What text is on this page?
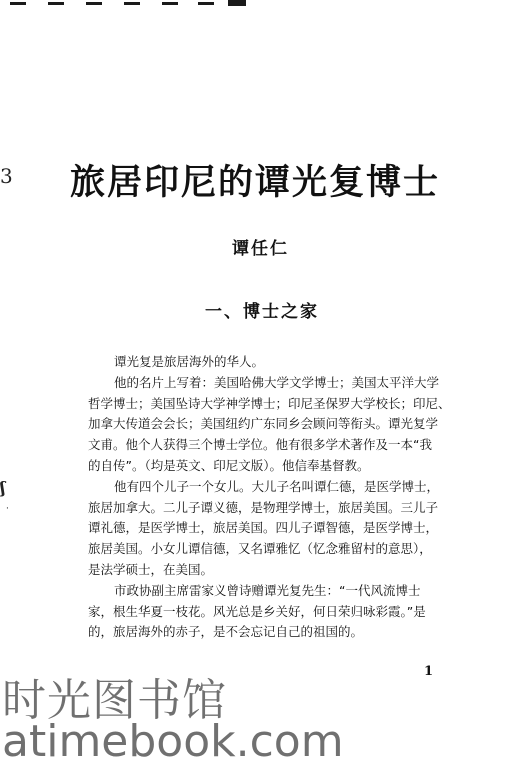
3
ʃ
·
旅居印尼的谭光复博士
谭任仁
一、博士之家
谭光复是旅居海外的华人。
他的名片上写着：美国哈佛大学文学博士；美国太平洋大学
哲学博士；美国坠诗大学神学博士；印尼圣保罗大学校长；印尼、
加拿大传道会会长；美国纽约广东同乡会顾问等衔头。谭光复学
文甫。他个人获得三个博士学位。他有很多学术著作及一本“我
的自传”。（均是英文、印尼文版）。他信奉基督教。
他有四个儿子一个女儿。大儿子名叫谭仁德，是医学博士，
旅居加拿大。二儿子谭义德，是物理学博士，旅居美国。三儿子
谭礼德，是医学博士，旅居美国。四儿子谭智德，是医学博士，
旅居美国。小女儿谭信德，又名谭雅忆（忆念雅留村的意思），
是法学硕士，在美国。
市政协副主席雷家义曾诗赠谭光复先生：“一代风流博士
家，根生华夏一枝花。风光总是乡关好，何日荣归咏彩霞。”是
的，旅居海外的赤子，是不会忘记自己的祖国的。
1
时光图书馆
atimebook.com
